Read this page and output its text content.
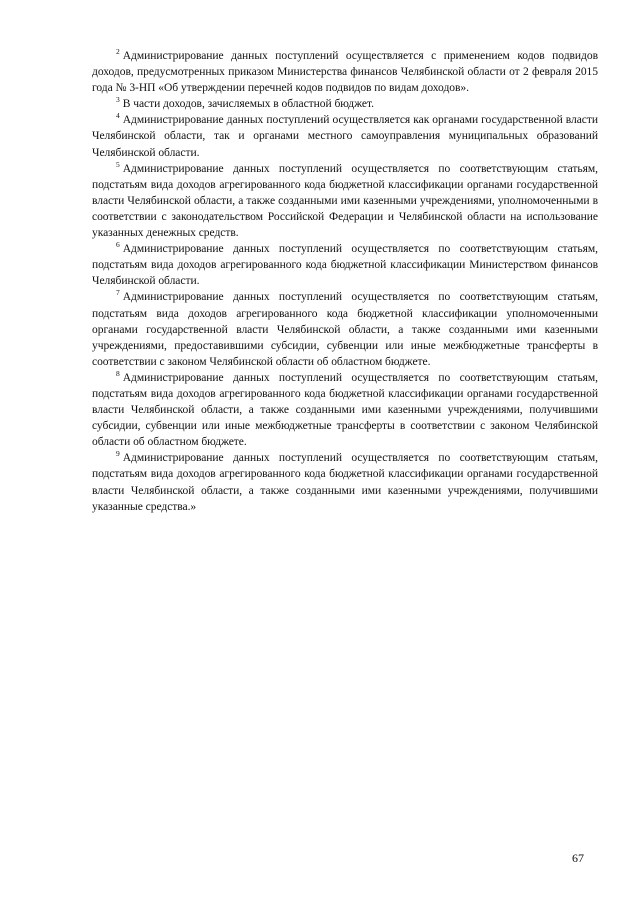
$^2$ Администрирование данных поступлений осуществляется с применением кодов подвидов доходов, предусмотренных приказом Министерства финансов Челябинской области от 2 февраля 2015 года № 3-НП «Об утверждении перечней кодов подвидов по видам доходов».

$^3$ В части доходов, зачисляемых в областной бюджет.

$^4$ Администрирование данных поступлений осуществляется как органами государственной власти Челябинской области, так и органами местного самоуправления муниципальных образований Челябинской области.

$^5$ Администрирование данных поступлений осуществляется по соответствующим статьям, подстатьям вида доходов агрегированного кода бюджетной классификации органами государственной власти Челябинской области, а также созданными ими казенными учреждениями, уполномоченными в соответствии с законодательством Российской Федерации и Челябинской области на использование указанных денежных средств.

$^6$ Администрирование данных поступлений осуществляется по соответствующим статьям, подстатьям вида доходов агрегированного кода бюджетной классификации Министерством финансов Челябинской области.

$^7$ Администрирование данных поступлений осуществляется по соответствующим статьям, подстатьям вида доходов агрегированного кода бюджетной классификации уполномоченными органами государственной власти Челябинской области, а также созданными ими казенными учреждениями, предоставившими субсидии, субвенции или иные межбюджетные трансферты в соответствии с законом Челябинской области об областном бюджете.

$^8$ Администрирование данных поступлений осуществляется по соответствующим статьям, подстатьям вида доходов агрегированного кода бюджетной классификации органами государственной власти Челябинской области, а также созданными ими казенными учреждениями, получившими субсидии, субвенции или иные межбюджетные трансферты в соответствии с законом Челябинской области об областном бюджете.

$^9$ Администрирование данных поступлений осуществляется по соответствующим статьям, подстатьям вида доходов агрегированного кода бюджетной классификации органами государственной власти Челябинской области, а также созданными ими казенными учреждениями, получившими указанные средства.»

67
